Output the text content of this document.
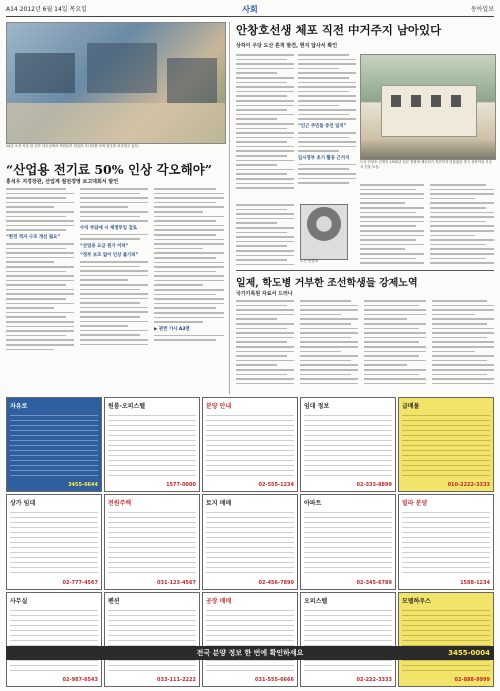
A14 2012년 6월 14일 목요일	사회	동아일보
14일 오전 서울 한 공단 사무실에서 직원들이 컴퓨터 모니터를 보며 업무를 처리하고 있다.
“산업용 전기료 50% 인상 각오해야”
홍석우 지경장관, 산업계 절전경영 보고대회서 발언
“한전 적자 구조 개선 필요”
수익 부담에 시 재정투입 검토
“산업용 요금 원가 이하”
“정부 보조 없이 인상 불가피”
▶ 관련 기사 A3면
안창호선생 체포 직전 中거주지 남아있다
상하이 우당 도산 흔적 발견, 현지 답사서 확인
“인근 주민들 증언 일치”
임시정부 초기 활동 근거지
도산 안창호 선생이 1932년 일본 경찰에 체포되기 직전까지 머물렀던 중국 상하이의 거주지 건물 모습.
도산 안창호
일제, 학도병 거부한 조선학생들 강제노역
국가기록원 자료서 드러나
자유로
3455-6644
원룸·오피스텔
1577-0000
분양 안내
02-555-1234
임대 정보
02-333-8899
급매물
010-2222-3333
상가 임대
02-777-4567
전원주택
031-123-4567
토지 매매
02-456-7890
아파트
02-345-6789
빌라 분양
1588-1234
사무실
02-987-6543
펜션
033-111-2222
공장 매매
031-555-6666
오피스텔
02-222-3333
모델하우스
02-888-9999
전국 분양 정보 한 번에 확인하세요	3455-0004
